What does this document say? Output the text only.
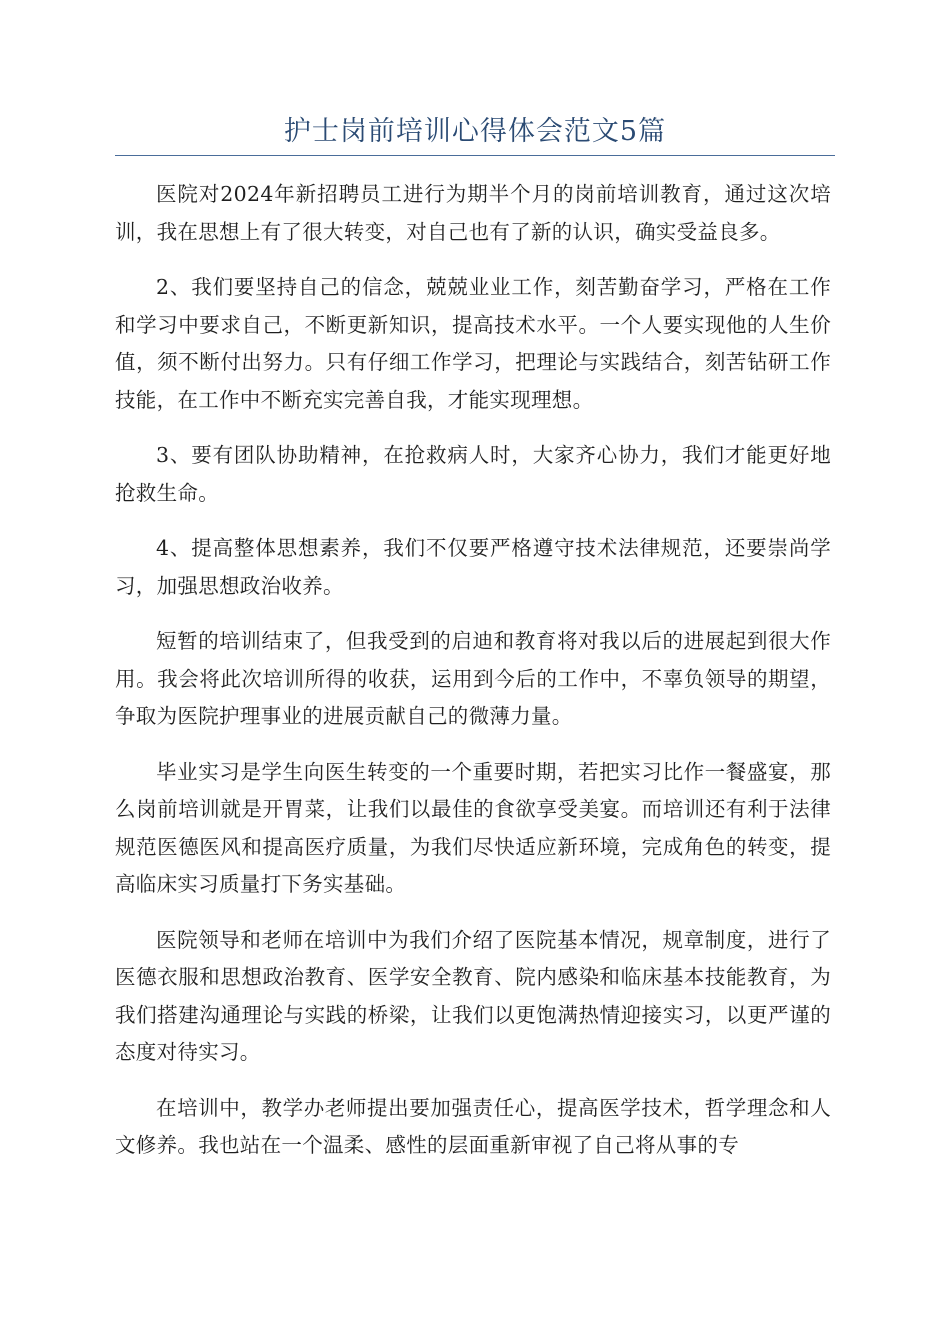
护士岗前培训心得体会范文5篇

医院对2024年新招聘员工进行为期半个月的岗前培训教育，通过这次培训，我在思想上有了很大转变，对自己也有了新的认识，确实受益良多。

2、我们要坚持自己的信念，兢兢业业工作，刻苦勤奋学习，严格在工作和学习中要求自己，不断更新知识，提高技术水平。一个人要实现他的人生价值，须不断付出努力。只有仔细工作学习，把理论与实践结合，刻苦钻研工作技能，在工作中不断充实完善自我，才能实现理想。

3、要有团队协助精神，在抢救病人时，大家齐心协力，我们才能更好地抢救生命。

4、提高整体思想素养，我们不仅要严格遵守技术法律规范，还要崇尚学习，加强思想政治收养。

短暂的培训结束了，但我受到的启迪和教育将对我以后的进展起到很大作用。我会将此次培训所得的收获，运用到今后的工作中，不辜负领导的期望，争取为医院护理事业的进展贡献自己的微薄力量。

毕业实习是学生向医生转变的一个重要时期，若把实习比作一餐盛宴，那么岗前培训就是开胃菜，让我们以最佳的食欲享受美宴。而培训还有利于法律规范医德医风和提高医疗质量，为我们尽快适应新环境，完成角色的转变，提高临床实习质量打下务实基础。

医院领导和老师在培训中为我们介绍了医院基本情况，规章制度，进行了医德衣服和思想政治教育、医学安全教育、院内感染和临床基本技能教育，为我们搭建沟通理论与实践的桥梁，让我们以更饱满热情迎接实习，以更严谨的态度对待实习。

在培训中，教学办老师提出要加强责任心，提高医学技术，哲学理念和人文修养。我也站在一个温柔、感性的层面重新审视了自己将从事的专
